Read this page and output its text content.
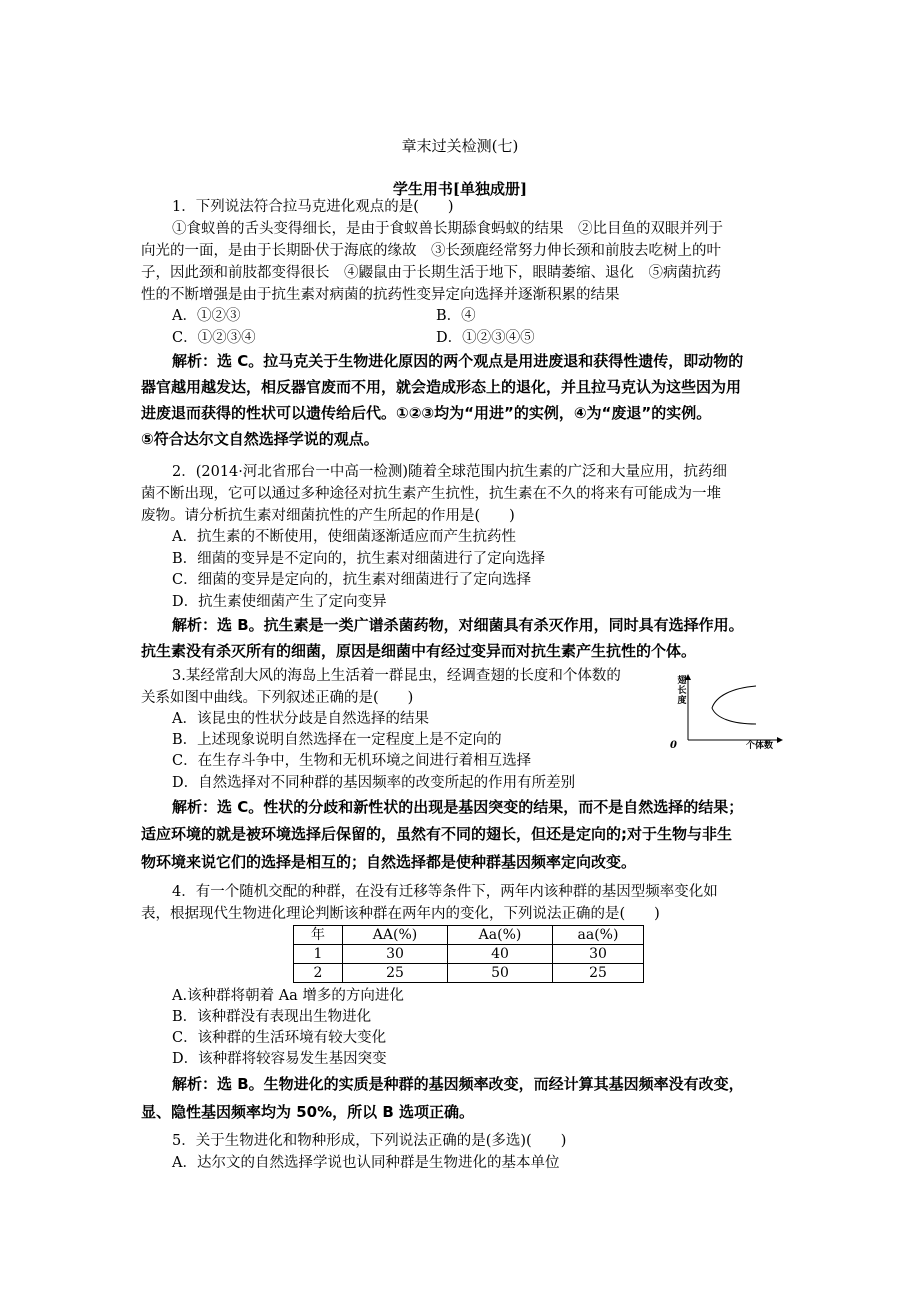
章末过关检测(七)
学生用书[单独成册]
1．下列说法符合拉马克进化观点的是(　　)
①食蚁兽的舌头变得细长，是由于食蚁兽长期舔食蚂蚁的结果　②比目鱼的双眼并列于
向光的一面，是由于长期卧伏于海底的缘故　③长颈鹿经常努力伸长颈和前肢去吃树上的叶
子，因此颈和前肢都变得很长　④鼹鼠由于长期生活于地下，眼睛萎缩、退化　⑤病菌抗药
性的不断增强是由于抗生素对病菌的抗药性变异定向选择并逐渐积累的结果
A．①②③	B．④
C．①②③④	D．①②③④⑤
解析：选 C。拉马克关于生物进化原因的两个观点是用进废退和获得性遗传，即动物的
器官越用越发达，相反器官废而不用，就会造成形态上的退化，并且拉马克认为这些因为用
进废退而获得的性状可以遗传给后代。①②③均为“用进”的实例，④为“废退”的实例。
⑤符合达尔文自然选择学说的观点。
2．(2014·河北省邢台一中高一检测)随着全球范围内抗生素的广泛和大量应用，抗药细
菌不断出现，它可以通过多种途径对抗生素产生抗性，抗生素在不久的将来有可能成为一堆
废物。请分析抗生素对细菌抗性的产生所起的作用是(　　)
A．抗生素的不断使用，使细菌逐渐适应而产生抗药性
B．细菌的变异是不定向的，抗生素对细菌进行了定向选择
C．细菌的变异是定向的，抗生素对细菌进行了定向选择
D．抗生素使细菌产生了定向变异
解析：选 B。抗生素是一类广谱杀菌药物，对细菌具有杀灭作用，同时具有选择作用。
抗生素没有杀灭所有的细菌，原因是细菌中有经过变异而对抗生素产生抗性的个体。
3.某经常刮大风的海岛上生活着一群昆虫，经调查翅的长度和个体数的
关系如图中曲线。下列叙述正确的是(　　)
A．该昆虫的性状分歧是自然选择的结果
B．上述现象说明自然选择在一定程度上是不定向的
C．在生存斗争中，生物和无机环境之间进行着相互选择
D．自然选择对不同种群的基因频率的改变所起的作用有所差别
0	个体数
翅
长
度
解析：选 C。性状的分歧和新性状的出现是基因突变的结果，而不是自然选择的结果；
适应环境的就是被环境选择后保留的，虽然有不同的翅长，但还是定向的;对于生物与非生
物环境来说它们的选择是相互的；自然选择都是使种群基因频率定向改变。
4．有一个随机交配的种群，在没有迁移等条件下，两年内该种群的基因型频率变化如
表，根据现代生物进化理论判断该种群在两年内的变化，下列说法正确的是(　　)
年	AA(%)	Aa(%)	aa(%)
1	30	40	30
2	25	50	25
A.该种群将朝着 Aa 增多的方向进化
B．该种群没有表现出生物进化
C．该种群的生活环境有较大变化
D．该种群将较容易发生基因突变
解析：选 B。生物进化的实质是种群的基因频率改变，而经计算其基因频率没有改变，
显、隐性基因频率均为 50%，所以 B 选项正确。
5．关于生物进化和物种形成，下列说法正确的是(多选)(　　)
A．达尔文的自然选择学说也认同种群是生物进化的基本单位
